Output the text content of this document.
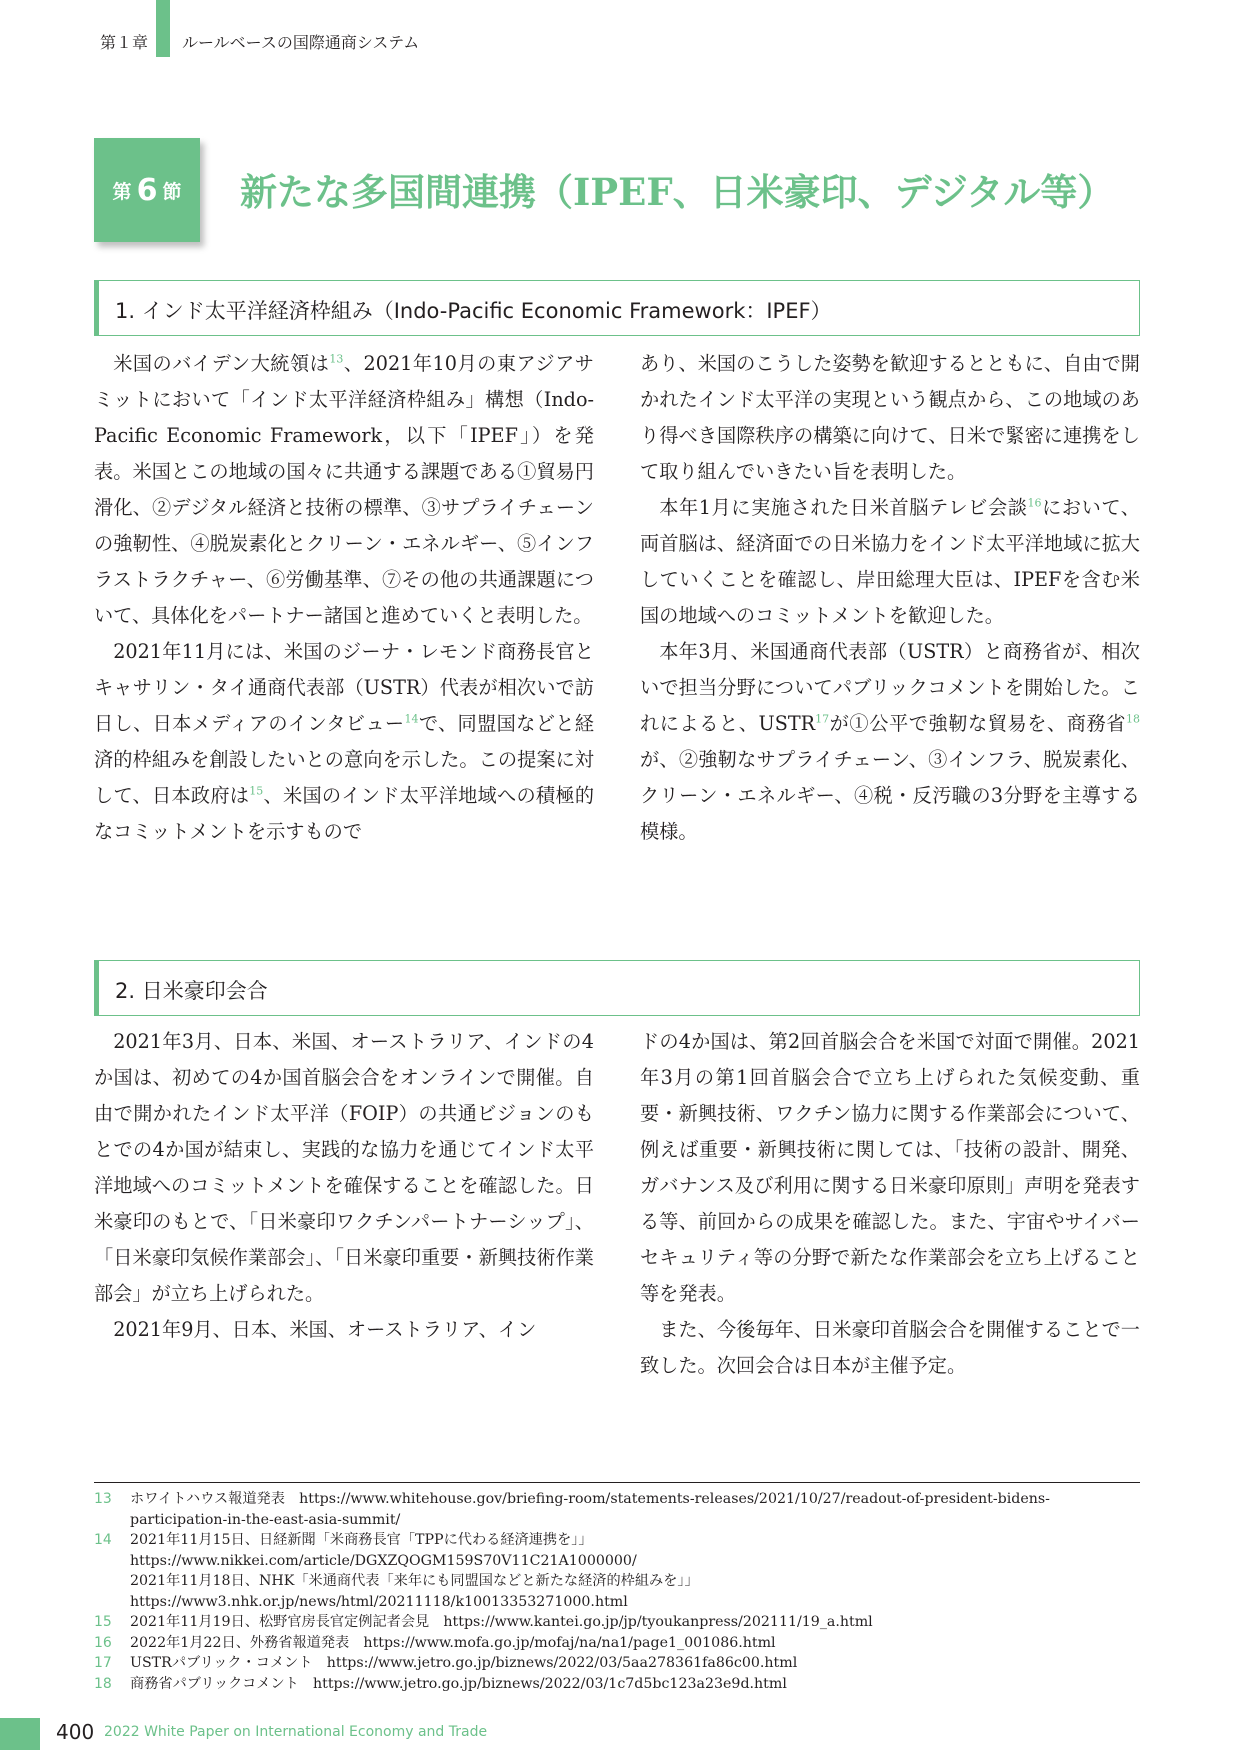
第１章 ルールベースの国際通商システム
第 6 節 新たな多国間連携（IPEF、日米豪印、デジタル等）
1. インド太平洋経済枠組み（Indo-Pacific Economic Framework：IPEF）

米国のバイデン大統領は$^{13}$、2021年10月の東アジアサミットにおいて「インド太平洋経済枠組み」構想（Indo-Pacific Economic Framework，以下「IPEF」）を発表。米国とこの地域の国々に共通する課題である①貿易円滑化、②デジタル経済と技術の標準、③サプライチェーンの強靭性、④脱炭素化とクリーン・エネルギー、⑤インフラストラクチャー、⑥労働基準、⑦その他の共通課題について、具体化をパートナー諸国と進めていくと表明した。

2021年11月には、米国のジーナ・レモンド商務長官とキャサリン・タイ通商代表部（USTR）代表が相次いで訪日し、日本メディアのインタビュー$^{14}$で、同盟国などと経済的枠組みを創設したいとの意向を示した。この提案に対して、日本政府は$^{15}$、米国のインド太平洋地域への積極的なコミットメントを示すもので

あり、米国のこうした姿勢を歓迎するとともに、自由で開かれたインド太平洋の実現という観点から、この地域のあり得べき国際秩序の構築に向けて、日米で緊密に連携をして取り組んでいきたい旨を表明した。

本年1月に実施された日米首脳テレビ会談$^{16}$において、両首脳は、経済面での日米協力をインド太平洋地域に拡大していくことを確認し、岸田総理大臣は、IPEFを含む米国の地域へのコミットメントを歓迎した。

本年3月、米国通商代表部（USTR）と商務省が、相次いで担当分野についてパブリックコメントを開始した。これによると、USTR$^{17}$が①公平で強靭な貿易を、商務省$^{18}$が、②強靭なサプライチェーン、③インフラ、脱炭素化、クリーン・エネルギー、④税・反汚職の3分野を主導する模様。

2. 日米豪印会合

2021年3月、日本、米国、オーストラリア、インドの4か国は、初めての4か国首脳会合をオンラインで開催。自由で開かれたインド太平洋（FOIP）の共通ビジョンのもとでの4か国が結束し、実践的な協力を通じてインド太平洋地域へのコミットメントを確保することを確認した。日米豪印のもとで、「日米豪印ワクチンパートナーシップ」、「日米豪印気候作業部会」、「日米豪印重要・新興技術作業部会」が立ち上げられた。

2021年9月、日本、米国、オーストラリア、イン

ドの4か国は、第2回首脳会合を米国で対面で開催。2021年3月の第1回首脳会合で立ち上げられた気候変動、重要・新興技術、ワクチン協力に関する作業部会について、例えば重要・新興技術に関しては、「技術の設計、開発、ガバナンス及び利用に関する日米豪印原則」声明を発表する等、前回からの成果を確認した。また、宇宙やサイバーセキュリティ等の分野で新たな作業部会を立ち上げること等を発表。

また、今後毎年、日米豪印首脳会合を開催することで一致した。次回会合は日本が主催予定。

13 ホワイトハウス報道発表　https://www.whitehouse.gov/briefing-room/statements-releases/2021/10/27/readout-of-president-bidens-
participation-in-the-east-asia-summit/
14 2021年11月15日、日経新聞「米商務長官「TPPに代わる経済連携を」」
https://www.nikkei.com/article/DGXZQOGM159S70V11C21A1000000/
2021年11月18日、NHK「米通商代表「来年にも同盟国などと新たな経済的枠組みを」」
https://www3.nhk.or.jp/news/html/20211118/k10013353271000.html
15 2021年11月19日、松野官房長官定例記者会見　https://www.kantei.go.jp/jp/tyoukanpress/202111/19_a.html
16 2022年1月22日、外務省報道発表　https://www.mofa.go.jp/mofaj/na/na1/page1_001086.html
17 USTRパブリック・コメント　https://www.jetro.go.jp/biznews/2022/03/5aa278361fa86c00.html
18 商務省パブリックコメント　https://www.jetro.go.jp/biznews/2022/03/1c7d5bc123a23e9d.html
400 2022 White Paper on International Economy and Trade
